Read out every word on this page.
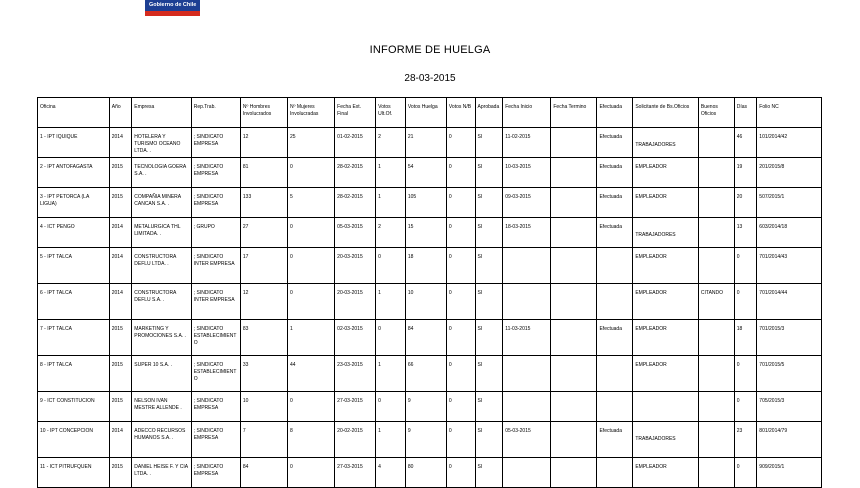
Gobierno de Chile
INFORME DE HUELGA
28-03-2015
Oficina	Año	Empresa	Rep.Trab.	Nº Hombres Involucrados	Nº Mujeres Involucradas	Fecha Ext. Final	Votos Ult.Of.	Votos Huelga	Votos N/B	Aprobada	Fecha Inicio	Fecha Termino	Efectuada	Solicitante de Bs.Oficios	Buenos Oficios	Días	Folio NC
1 - IPT IQUIQUE	2014	HOTELERA Y TURISMO OCEANO LTDA. .	; SINDICATO EMPRESA	12	25	01-02-2015	2	21	0	SI	11-02-2015		Efectuada	TRABAJADORES		46	101/2014/42
2 - IPT ANTOFAGASTA	2015	TECNOLOGIA GOERA S.A. .	; SINDICATO EMPRESA	81	0	28-02-2015	1	54	0	SI	10-03-2015		Efectuada	EMPLEADOR		19	201/2015/8
3 - IPT PETORCA (LA LIGUA)	2015	COMPAÑIA MINERA CANCAN S.A. .	; SINDICATO EMPRESA	133	5	28-02-2015	1	105	0	SI	09-03-2015		Efectuada	EMPLEADOR		20	507/2015/1
4 - ICT PENGO	2014	METALURGICA THL LIMITADA. .	; GRUPO	27	0	05-03-2015	2	15	0	SI	18-03-2015		Efectuada	TRABAJADORES		13	603/2014/18
5 - IPT TALCA	2014	CONSTRUCTORA DEFLU LTDA. .	; SINDICATO INTER EMPRESA	17	0	20-03-2015	0	18	0	SI				EMPLEADOR		0	701/2014/43
6 - IPT TALCA	2014	CONSTRUCTORA DEFLU S.A. .	; SINDICATO INTER EMPRESA	12	0	20-03-2015	1	10	0	SI				EMPLEADOR	CITANDO	0	701/2014/44
7 - IPT TALCA	2015	MARKETING Y PROMOCIONES S.A. .	; SINDICATO ESTABLECIMIENTO	83	1	02-03-2015	0	84	0	SI	11-03-2015		Efectuada	EMPLEADOR		18	701/2015/3
8 - IPT TALCA	2015	SUPER 10 S.A. .	; SINDICATO ESTABLECIMIENTO	33	44	23-03-2015	1	66	0	SI				EMPLEADOR		0	701/2015/5
9 - ICT CONSTITUCION	2015	NELSON IVAN MESTRE ALLENDE .	; SINDICATO EMPRESA	10	0	27-03-2015	0	9	0	SI						0	705/2015/3
10 - IPT CONCEPCION	2014	ADECCO RECURSOS HUMANOS S.A. .	; SINDICATO EMPRESA	7	8	20-02-2015	1	9	0	SI	05-03-2015		Efectuada	TRABAJADORES		23	801/2014/79
11 - ICT PITRUFQUEN	2015	DANIEL HEISE F. Y CIA LTDA. .	; SINDICATO EMPRESA	84	0	27-03-2015	4	80	0	SI				EMPLEADOR		0	909/2015/1
